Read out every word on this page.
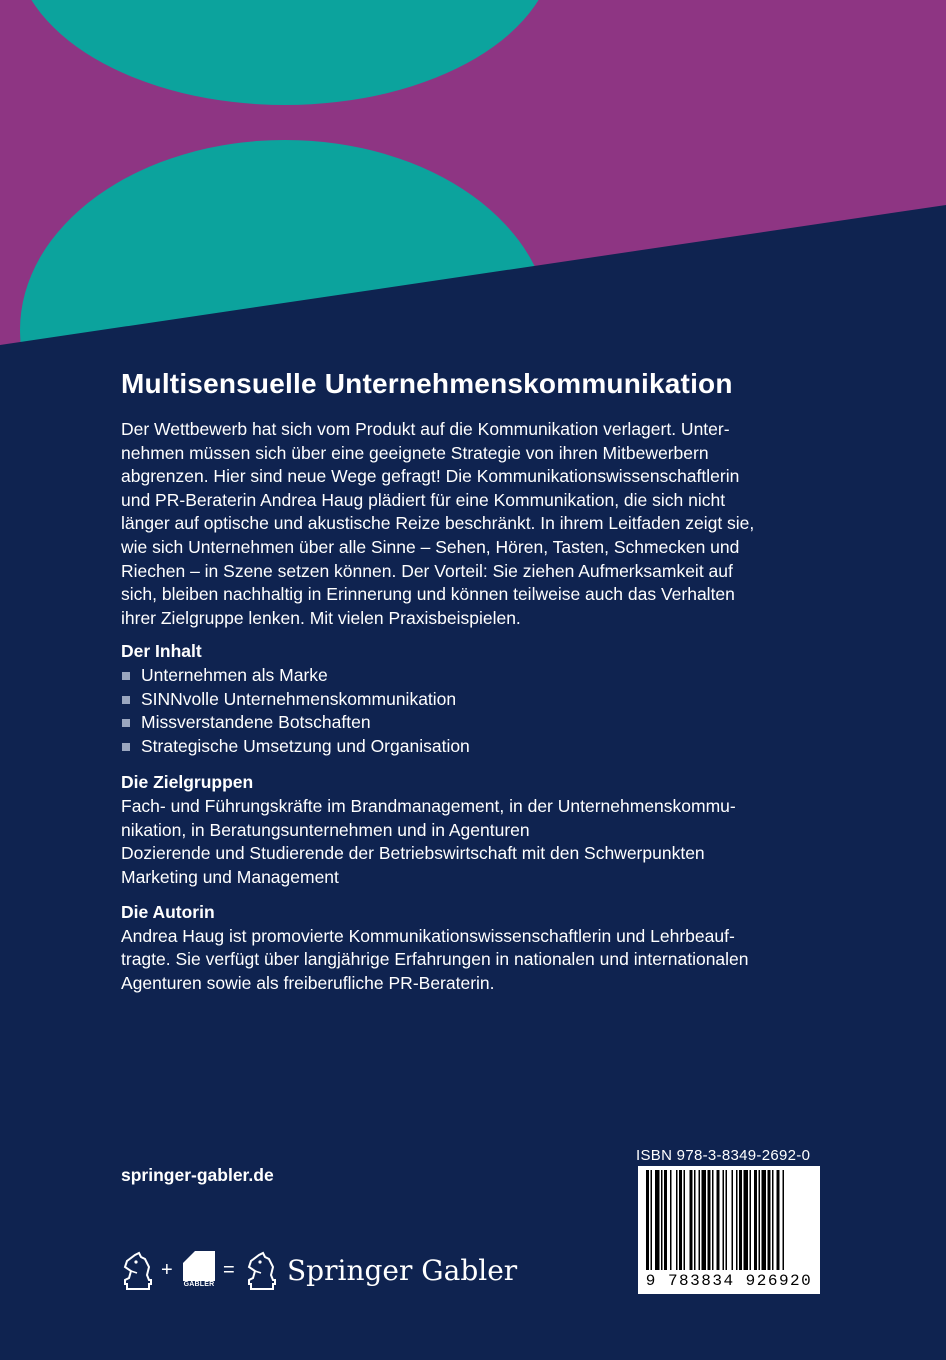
Multisensuelle Unternehmenskommunikation
Der Wettbewerb hat sich vom Produkt auf die Kommunikation verlagert. Unter-
nehmen müssen sich über eine geeignete Strategie von ihren Mitbewerbern
abgrenzen. Hier sind neue Wege gefragt! Die Kommunikationswissenschaftlerin
und PR-Beraterin Andrea Haug plädiert für eine Kommunikation, die sich nicht
länger auf optische und akustische Reize beschränkt. In ihrem Leitfaden zeigt sie,
wie sich Unternehmen über alle Sinne – Sehen, Hören, Tasten, Schmecken und
Riechen – in Szene setzen können. Der Vorteil: Sie ziehen Aufmerksamkeit auf
sich, bleiben nachhaltig in Erinnerung und können teilweise auch das Verhalten
ihrer Zielgruppe lenken. Mit vielen Praxisbeispielen.
Der Inhalt
Unternehmen als Marke
SINNvolle Unternehmenskommunikation
Missverstandene Botschaften
Strategische Umsetzung und Organisation
Die Zielgruppen
Fach- und Führungskräfte im Brandmanagement, in der Unternehmenskommu-
nikation, in Beratungsunternehmen und in Agenturen
Dozierende und Studierende der Betriebswirtschaft mit den Schwerpunkten
Marketing und Management
Die Autorin
Andrea Haug ist promovierte Kommunikationswissenschaftlerin und Lehrbeauf-
tragte. Sie verfügt über langjährige Erfahrungen in nationalen und internationalen
Agenturen sowie als freiberufliche PR-Beraterin.
springer-gabler.de
ISBN 978-3-8349-2692-0
9 783834 926920
+
GABLER
= Springer Gabler
